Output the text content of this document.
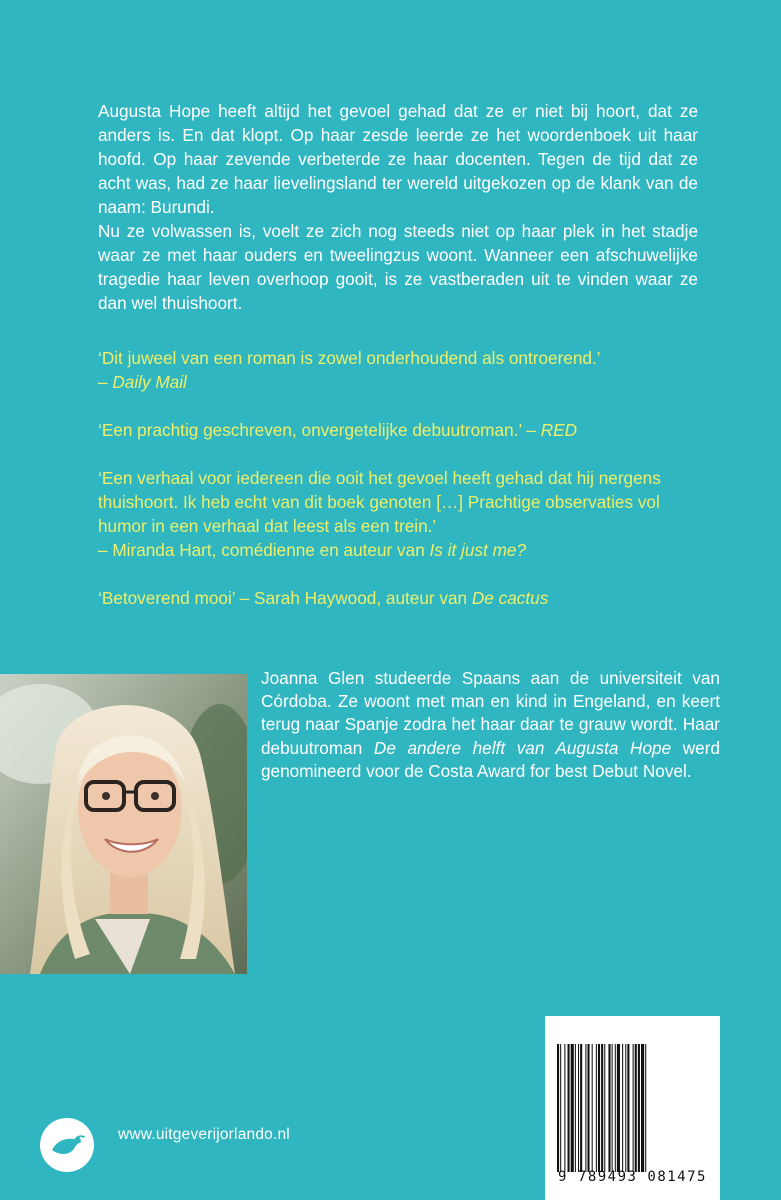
Augusta Hope heeft altijd het gevoel gehad dat ze er niet bij hoort, dat ze anders is. En dat klopt. Op haar zesde leerde ze het woordenboek uit haar hoofd. Op haar zevende verbeterde ze haar docenten. Tegen de tijd dat ze acht was, had ze haar lievelingsland ter wereld uitgekozen op de klank van de naam: Burundi.

Nu ze volwassen is, voelt ze zich nog steeds niet op haar plek in het stadje waar ze met haar ouders en tweelingzus woont. Wanneer een afschuwelijke tragedie haar leven overhoop gooit, is ze vastberaden uit te vinden waar ze dan wel thuishoort.

‘Dit juweel van een roman is zowel onderhoudend als ontroerend.’

– Daily Mail

‘Een prachtig geschreven, onvergetelijke debuutroman.’ – RED

‘Een verhaal voor iedereen die ooit het gevoel heeft gehad dat hij nergens thuishoort. Ik heb echt van dit boek genoten […] Prachtige observaties vol humor in een verhaal dat leest als een trein.’

– Miranda Hart, comédienne en auteur van Is it just me?

‘Betoverend mooi’ – Sarah Haywood, auteur van De cactus

Joanna Glen studeerde Spaans aan de universiteit van Córdoba. Ze woont met man en kind in Engeland, en keert terug naar Spanje zodra het haar daar te grauw wordt. Haar debuutroman De andere helft van Augusta Hope werd genomineerd voor de Costa Award for best Debut Novel.

www.uitgeverijorlando.nl
9 789493 081475
